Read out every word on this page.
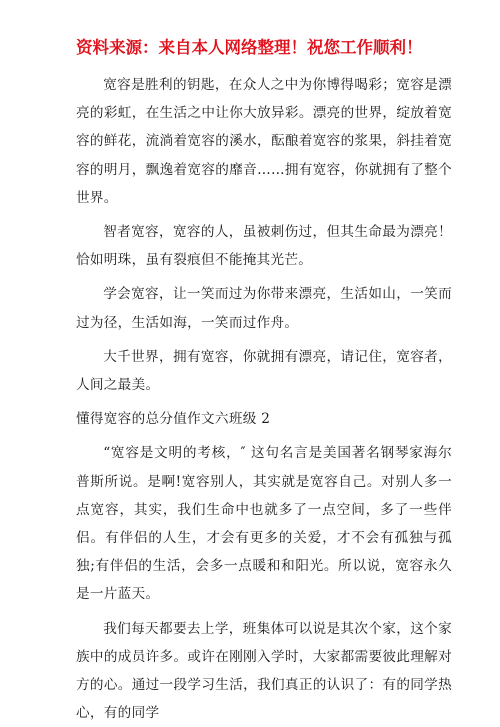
资料来源：来自本人网络整理！祝您工作顺利！

宽容是胜利的钥匙，在众人之中为你博得喝彩；宽容是漂亮的彩虹，在生活之中让你大放异彩。漂亮的世界，绽放着宽容的鲜花，流淌着宽容的溪水，酝酿着宽容的浆果，斜挂着宽容的明月，飘逸着宽容的靡音……拥有宽容，你就拥有了整个世界。

智者宽容，宽容的人，虽被刺伤过，但其生命最为漂亮！恰如明珠，虽有裂痕但不能掩其光芒。

学会宽容，让一笑而过为你带来漂亮，生活如山，一笑而过为径，生活如海，一笑而过作舟。

大千世界，拥有宽容，你就拥有漂亮，请记住，宽容者，人间之最美。

懂得宽容的总分值作文六班级 2

“宽容是文明的考核，″ 这句名言是美国著名钢琴家海尔普斯所说。是啊!宽容别人，其实就是宽容自己。对别人多一点宽容，其实，我们生命中也就多了一点空间，多了一些伴侣。有伴侣的人生，才会有更多的关爱，才不会有孤独与孤独;有伴侣的生活，会多一点暖和和阳光。所以说，宽容永久是一片蓝天。

我们每天都要去上学，班集体可以说是其次个家，这个家族中的成员许多。或许在刚刚入学时，大家都需要彼此理解对方的心。通过一段学习生活，我们真正的认识了：有的同学热心，有的同学
